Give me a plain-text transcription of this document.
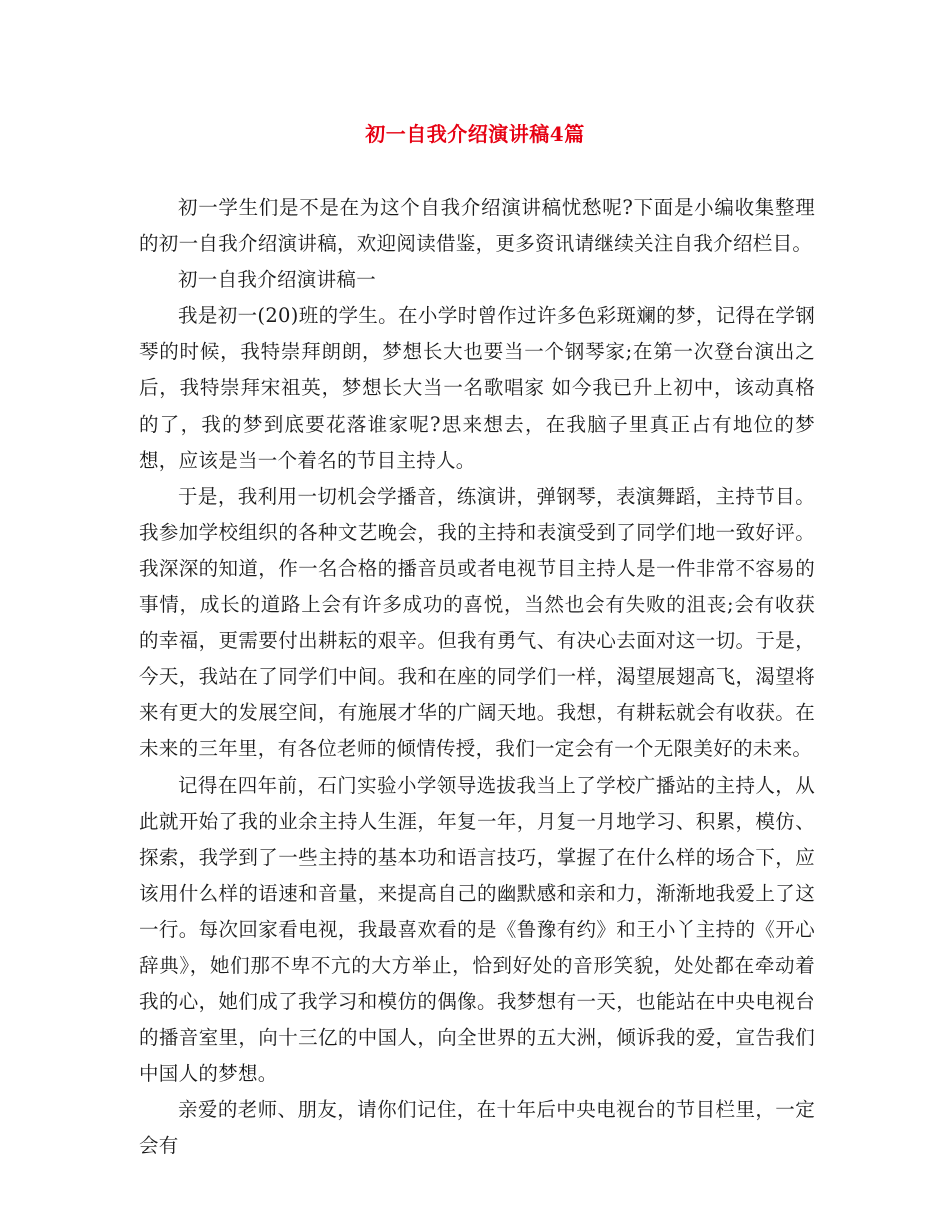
初一自我介绍演讲稿4篇

初一学生们是不是在为这个自我介绍演讲稿忧愁呢?下面是小编收集整理的初一自我介绍演讲稿，欢迎阅读借鉴，更多资讯请继续关注自我介绍栏目。

初一自我介绍演讲稿一

我是初一(20)班的学生。在小学时曾作过许多色彩斑斓的梦，记得在学钢琴的时候，我特崇拜朗朗，梦想长大也要当一个钢琴家;在第一次登台演出之后，我特崇拜宋祖英，梦想长大当一名歌唱家 如今我已升上初中，该动真格的了，我的梦到底要花落谁家呢?思来想去，在我脑子里真正占有地位的梦想，应该是当一个着名的节目主持人。

于是，我利用一切机会学播音，练演讲，弹钢琴，表演舞蹈，主持节目。我参加学校组织的各种文艺晚会，我的主持和表演受到了同学们地一致好评。我深深的知道，作一名合格的播音员或者电视节目主持人是一件非常不容易的事情，成长的道路上会有许多成功的喜悦，当然也会有失败的沮丧;会有收获的幸福，更需要付出耕耘的艰辛。但我有勇气、有决心去面对这一切。于是，今天，我站在了同学们中间。我和在座的同学们一样，渴望展翅高飞，渴望将来有更大的发展空间，有施展才华的广阔天地。我想，有耕耘就会有收获。在未来的三年里，有各位老师的倾情传授，我们一定会有一个无限美好的未来。

记得在四年前，石门实验小学领导选拔我当上了学校广播站的主持人，从此就开始了我的业余主持人生涯，年复一年，月复一月地学习、积累，模仿、探索，我学到了一些主持的基本功和语言技巧，掌握了在什么样的场合下，应该用什么样的语速和音量，来提高自己的幽默感和亲和力，渐渐地我爱上了这一行。每次回家看电视，我最喜欢看的是《鲁豫有约》和王小丫主持的《开心辞典》，她们那不卑不亢的大方举止，恰到好处的音形笑貌，处处都在牵动着我的心，她们成了我学习和模仿的偶像。我梦想有一天，也能站在中央电视台的播音室里，向十三亿的中国人，向全世界的五大洲，倾诉我的爱，宣告我们中国人的梦想。

亲爱的老师、朋友，请你们记住，在十年后中央电视台的节目栏里，一定会有
